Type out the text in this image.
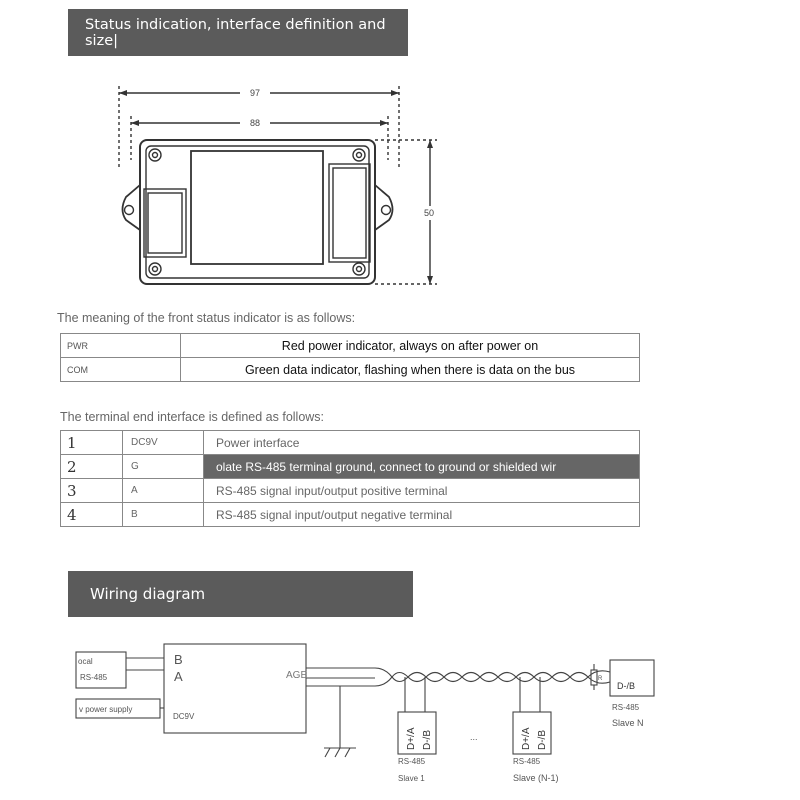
Status indication, interface definition and size|
97
88
50
The meaning of the front status indicator is as follows:
PWR	Red power indicator, always on after power on
COM	Green data indicator, flashing when there is data on the bus
The terminal end interface is defined as follows:
1	DC9V	Power interface
2	G	olate RS-485 terminal ground, connect to ground or shielded wir
3	A	RS-485 signal input/output positive terminal
4	B	RS-485 signal input/output negative terminal
Wiring diagram
ocal
RS-485
v power supply
B
A	AGE
DC9V
...
R
D+/A D-/B
RS-485
Slave 1
D+/A D-/B
RS-485
Slave (N-1)
D-/B
RS-485
Slave N
